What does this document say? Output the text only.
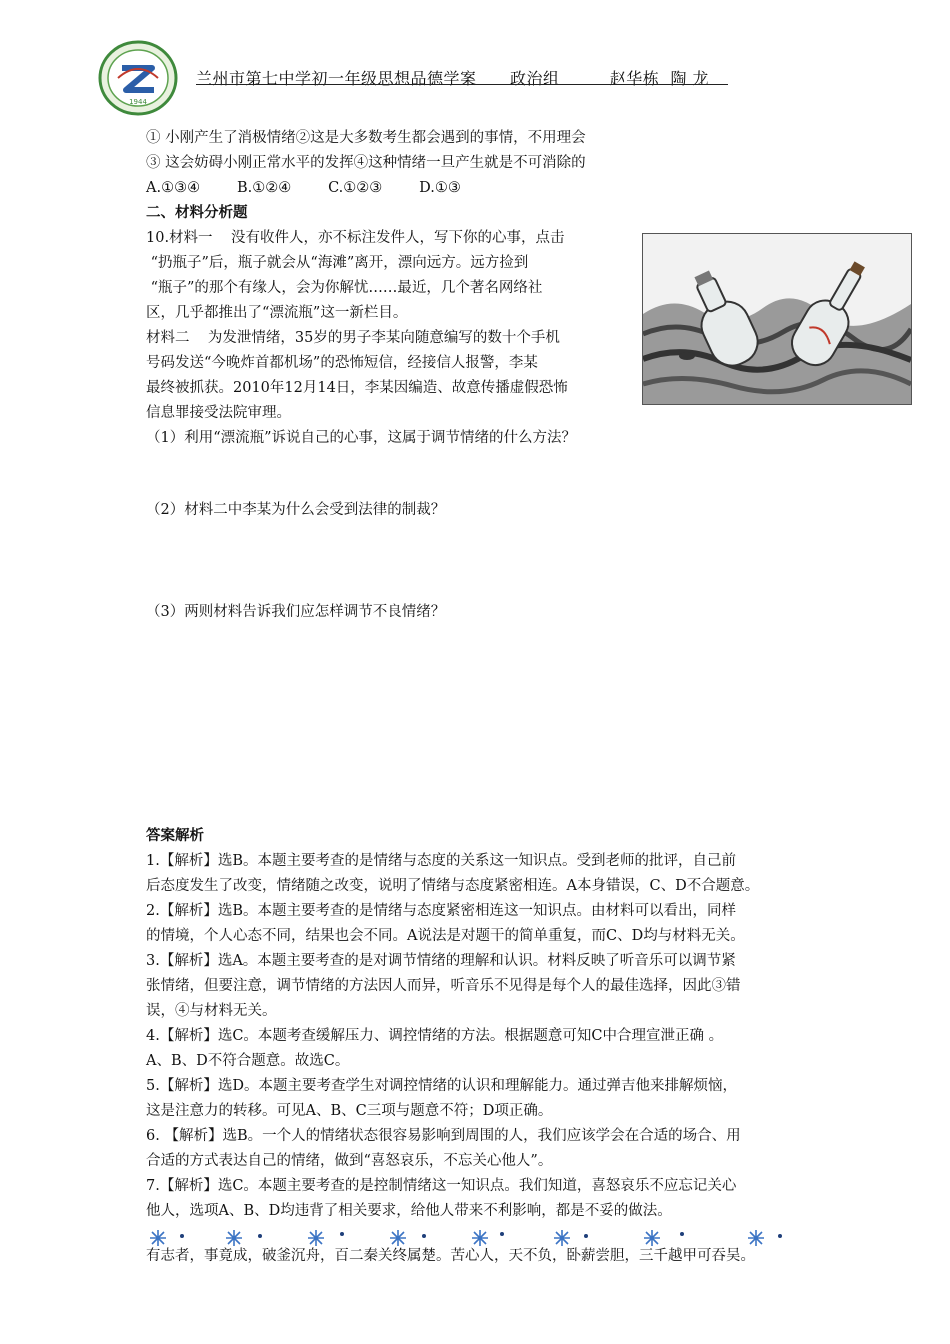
1944
兰州市第七中学初一年级思想品德学案      政治组         赵华栋  陶 龙
① 小刚产生了消极情绪②这是大多数考生都会遇到的事情，不用理会
③ 这会妨碍小刚正常水平的发挥④这种情绪一旦产生就是不可消除的
A.①③④        B.①②④        C.①②③        D.①③
二、材料分析题
10.材料一    没有收件人，亦不标注发件人，写下你的心事，点击
“扔瓶子”后，瓶子就会从“海滩”离开，漂向远方。远方捡到
“瓶子”的那个有缘人，会为你解忧……最近，几个著名网络社
区，几乎都推出了“漂流瓶”这一新栏目。
材料二    为发泄情绪，35岁的男子李某向随意编写的数十个手机
号码发送“今晚炸首都机场”的恐怖短信，经接信人报警，李某
最终被抓获。2010年12月14日，李某因编造、故意传播虚假恐怖
信息罪接受法院审理。
（1）利用“漂流瓶”诉说自己的心事，这属于调节情绪的什么方法？
（2）材料二中李某为什么会受到法律的制裁？
（3）两则材料告诉我们应怎样调节不良情绪？
答案解析
1.【解析】选B。本题主要考查的是情绪与态度的关系这一知识点。受到老师的批评，自己前
后态度发生了改变，情绪随之改变，说明了情绪与态度紧密相连。A本身错误，C、D不合题意。
2.【解析】选B。本题主要考查的是情绪与态度紧密相连这一知识点。由材料可以看出，同样
的情境，个人心态不同，结果也会不同。A说法是对题干的简单重复，而C、D均与材料无关。
3.【解析】选A。本题主要考查的是对调节情绪的理解和认识。材料反映了听音乐可以调节紧
张情绪，但要注意，调节情绪的方法因人而异，听音乐不见得是每个人的最佳选择，因此③错
误，④与材料无关。
4.【解析】选C。本题考查缓解压力、调控情绪的方法。根据题意可知C中合理宣泄正确 。
A、B、D不符合题意。故选C。
5.【解析】选D。本题主要考查学生对调控情绪的认识和理解能力。通过弹吉他来排解烦恼，
这是注意力的转移。可见A、B、C三项与题意不符；D项正确。
6. 【解析】选B。一个人的情绪状态很容易影响到周围的人，我们应该学会在合适的场合、用
合适的方式表达自己的情绪，做到“喜怒哀乐，不忘关心他人”。
7.【解析】选C。本题主要考查的是控制情绪这一知识点。我们知道，喜怒哀乐不应忘记关心
他人，选项A、B、D均违背了相关要求，给他人带来不利影响，都是不妥的做法。
有志者，事竟成，破釜沉舟，百二秦关终属楚。苦心人，天不负，卧薪尝胆，三千越甲可吞吴。
